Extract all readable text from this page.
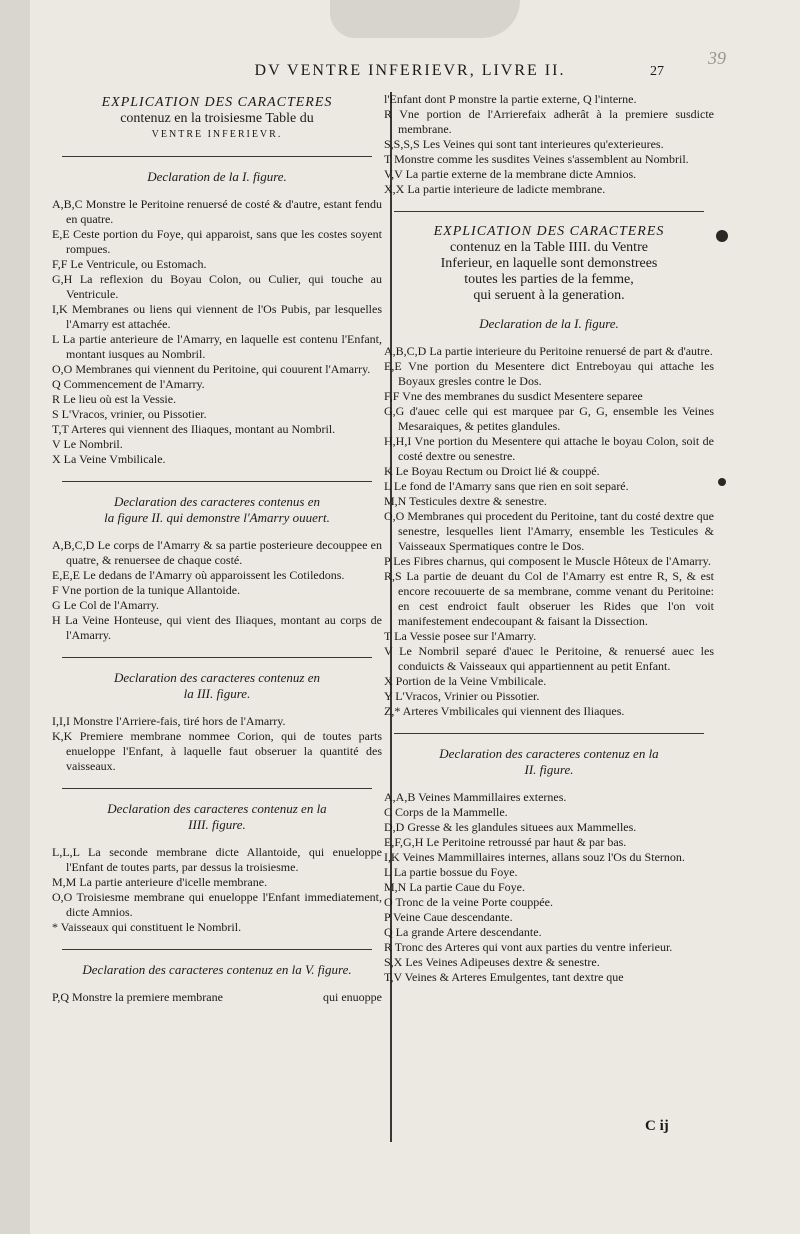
39
DV VENTRE INFERIEVR, LIVRE II.	27

EXPLICATION DES CARACTERES

contenuz en la troisiesme Table du

VENTRE INFERIEVR.

Declaration de la I. figure.

A,B,C Monstre le Peritoine renuersé de costé & d'autre, estant fendu en quatre.
E,E Ceste portion du Foye, qui apparoist, sans que les costes soyent rompues.
F,F Le Ventricule, ou Estomach.
G,H La reflexion du Boyau Colon, ou Culier, qui touche au Ventricule.
I,K Membranes ou liens qui viennent de l'Os Pubis, par lesquelles l'Amarry est attachée.
L La partie anterieure de l'Amarry, en laquelle est contenu l'Enfant, montant iusques au Nombril.
O,O Membranes qui viennent du Peritoine, qui couurent l'Amarry.
Q Commencement de l'Amarry.
R Le lieu où est la Vessie.
S L'Vracos, vrinier, ou Pissotier.
T,T Arteres qui viennent des Iliaques, montant au Nombril.
V Le Nombril.
X La Veine Vmbilicale.

Declaration des caracteres contenus en
la figure II. qui demonstre l'Amarry ouuert.

A,B,C,D Le corps de l'Amarry & sa partie posterieure decouppee en quatre, & renuersee de chaque costé.
E,E,E Le dedans de l'Amarry où apparoissent les Cotiledons.
F Vne portion de la tunique Allantoide.
G Le Col de l'Amarry.
H La Veine Honteuse, qui vient des Iliaques, montant au corps de l'Amarry.

Declaration des caracteres contenuz en
la III. figure.

I,I,I Monstre l'Arriere-fais, tiré hors de l'Amarry.
K,K Premiere membrane nommee Corion, qui de toutes parts enueloppe l'Enfant, à laquelle faut obseruer la quantité des vaisseaux.

Declaration des caracteres contenuz en la
IIII. figure.

L,L,L La seconde membrane dicte Allantoide, qui enueloppe l'Enfant de toutes parts, par dessus la troisiesme.
M,M La partie anterieure d'icelle membrane.
O,O Troisiesme membrane qui enueloppe l'Enfant immediatement, dicte Amnios.
* Vaisseaux qui constituent le Nombril.

Declaration des caracteres contenuz en la V. figure.

P,Q Monstre la premiere membrane	qui enuoppe
l'Enfant dont P monstre la partie externe, Q l'interne.
R Vne portion de l'Arrierefaix adherât à la premiere susdicte membrane.
S,S,S,S Les Veines qui sont tant interieures qu'exterieures.
T Monstre comme les susdites Veines s'assemblent au Nombril.
V,V La partie externe de la membrane dicte Amnios.
X,X La partie interieure de ladicte membrane.

EXPLICATION DES CARACTERES

contenuz en la Table IIII. du Ventre

Inferieur, en laquelle sont demonstrees

toutes les parties de la femme,

qui seruent à la generation.

Declaration de la I. figure.

A,B,C,D La partie interieure du Peritoine renuersé de part & d'autre.
E,E Vne portion du Mesentere dict Entreboyau qui attache les Boyaux gresles contre le Dos.
F,F Vne des membranes du susdict Mesentere separee
G,G d'auec celle qui est marquee par G, G, ensemble les Veines Mesaraiques, & petites glandules.
H,H,I Vne portion du Mesentere qui attache le boyau Colon, soit de costé dextre ou senestre.
K Le Boyau Rectum ou Droict lié & couppé.
L Le fond de l'Amarry sans que rien en soit separé.
M,N Testicules dextre & senestre.
O,O Membranes qui procedent du Peritoine, tant du costé dextre que senestre, lesquelles lient l'Amarry, ensemble les Testicules & Vaisseaux Spermatiques contre le Dos.
P Les Fibres charnus, qui composent le Muscle Hôteux de l'Amarry.
R,S La partie de deuant du Col de l'Amarry est entre R, S, & est encore recouuerte de sa membrane, comme venant du Peritoine: en cest endroict fault obseruer les Rides que l'on voit manifestement endecoupant & faisant la Dissection.
T La Vessie posee sur l'Amarry.
V Le Nombril separé d'auec le Peritoine, & renuersé auec les conduicts & Vaisseaux qui appartiennent au petit Enfant.
X Portion de la Veine Vmbilicale.
Y L'Vracos, Vrinier ou Pissotier.
Z,* Arteres Vmbilicales qui viennent des Iliaques.

Declaration des caracteres contenuz en la
II. figure.

A,A,B Veines Mammillaires externes.
C Corps de la Mammelle.
D,D Gresse & les glandules situees aux Mammelles.
E,F,G,H Le Peritoine retroussé par haut & par bas.
I,K Veines Mammillaires internes, allans souz l'Os du Sternon.
L La partie bossue du Foye.
M,N La partie Caue du Foye.
O Tronc de la veine Porte couppée.
P Veine Caue descendante.
Q La grande Artere descendante.
R Tronc des Arteres qui vont aux parties du ventre inferieur.
S,X Les Veines Adipeuses dextre & senestre.
T,V Veines & Arteres Emulgentes, tant dextre que
C ij
